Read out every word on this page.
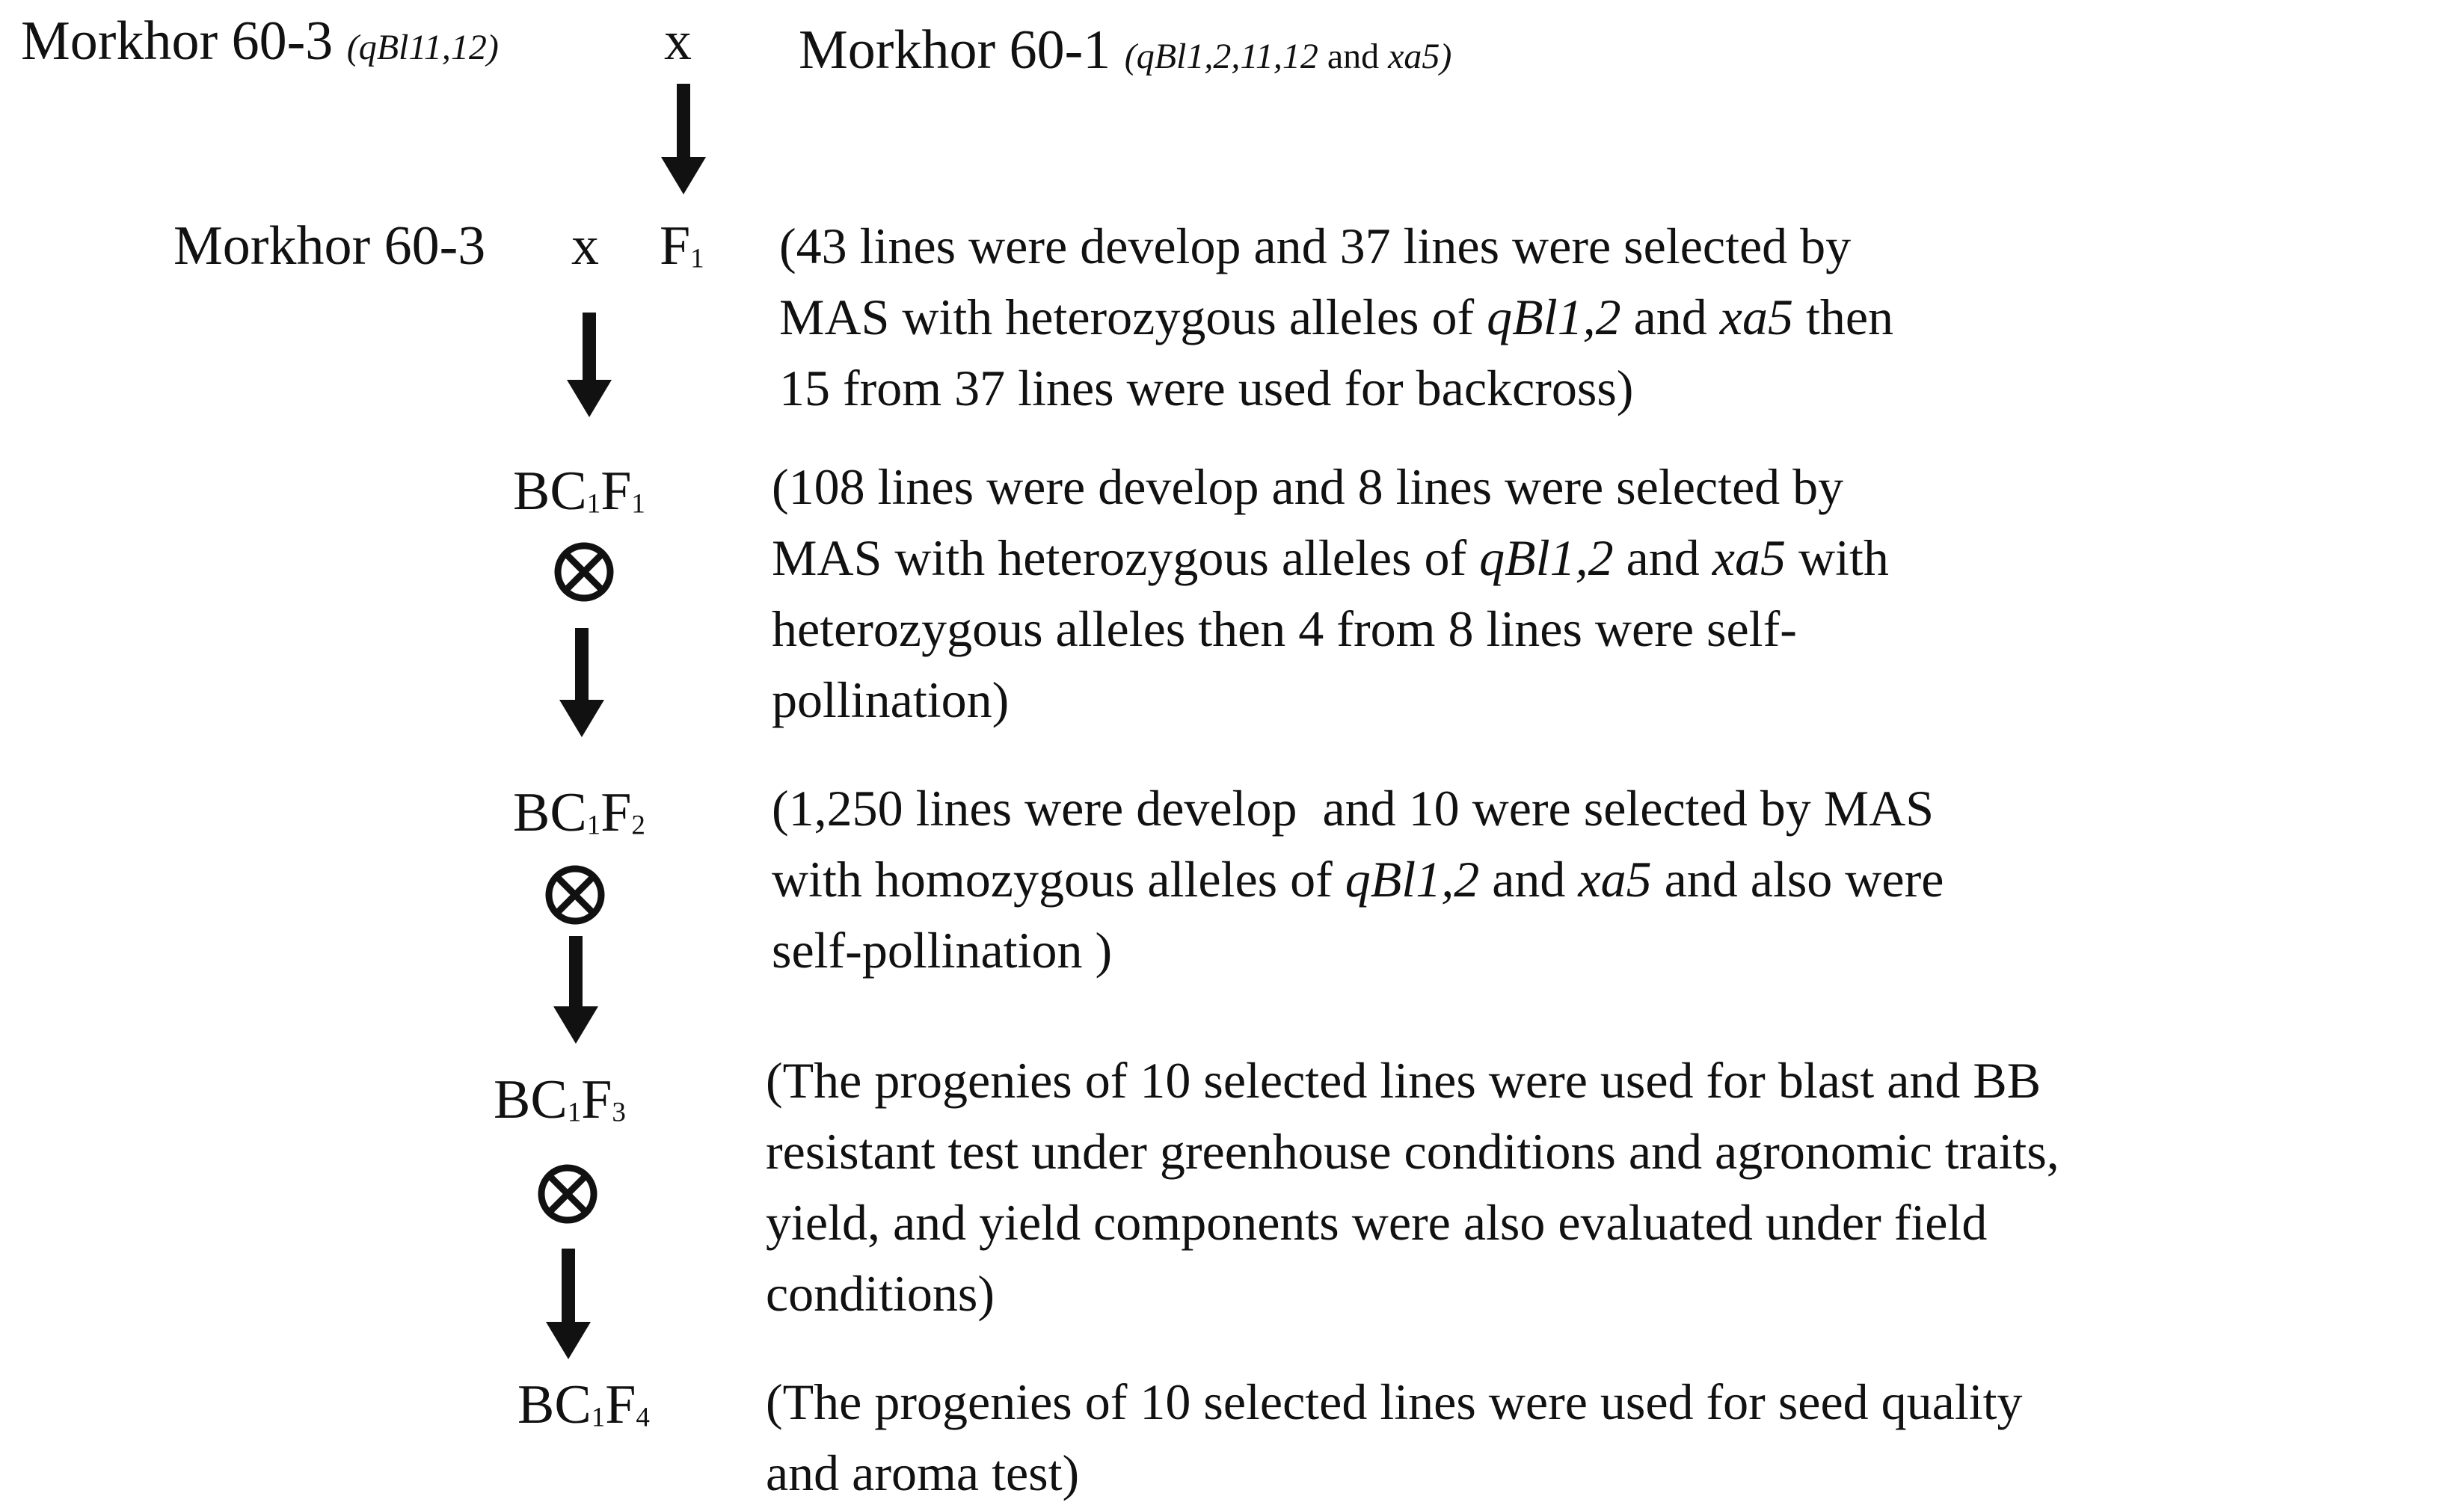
Morkhor 60-3 (qBl11,12)	x Morkhor 60-1 (qBl1,2,11,12 and xa5)
Morkhor 60-3 x $F_1$ (43 lines were develop and 37 lines were selected by
MAS with heterozygous alleles of qBl1,2 and xa5 then
15 from 37 lines were used for backcross)
$BC_1F_1$ (108 lines were develop and 8 lines were selected by
MAS with heterozygous alleles of qBl1,2 and xa5 with
heterozygous alleles then 4 from 8 lines were self-
pollination)
$BC_1F_2$ (1,250 lines were develop  and 10 were selected by MAS
with homozygous alleles of qBl1,2 and xa5 and also were
self-pollination )
$BC_1F_3$
(The progenies of 10 selected lines were used for blast and BB
resistant test under greenhouse conditions and agronomic traits,
yield, and yield components were also evaluated under field
conditions)
$BC_1F_4$ (The progenies of 10 selected lines were used for seed quality
and aroma test)
